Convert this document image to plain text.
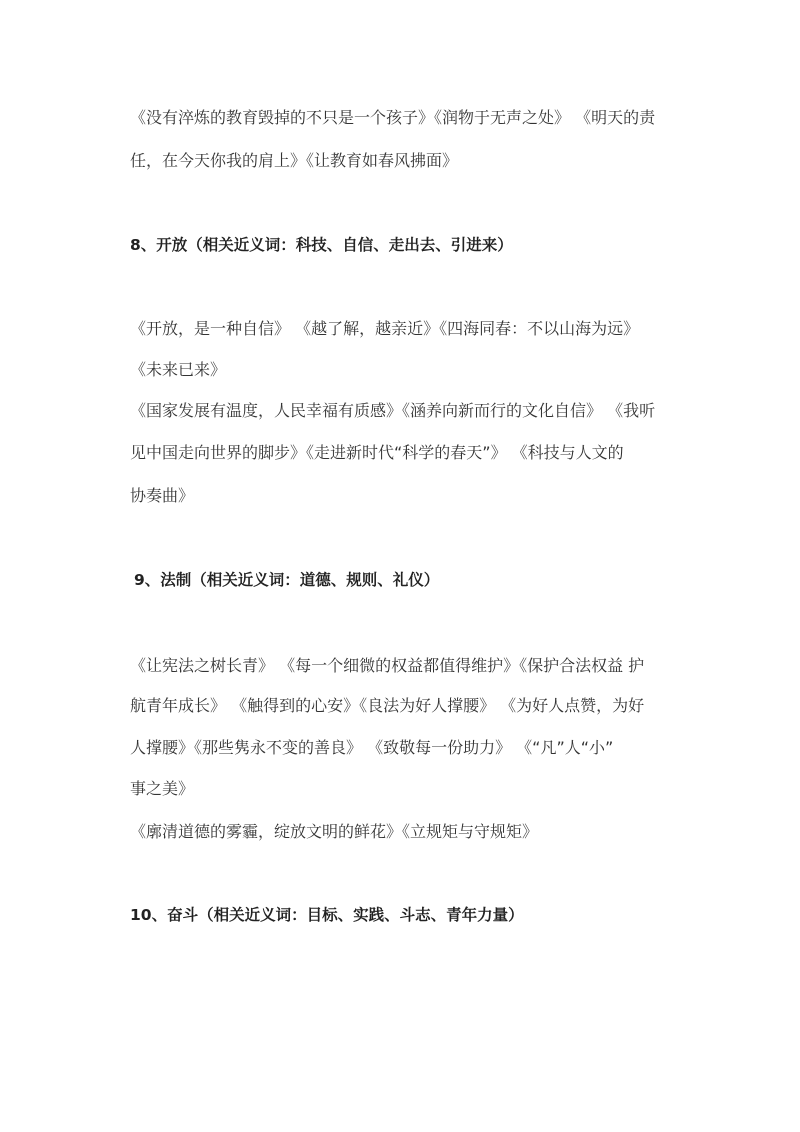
《没有淬炼的教育毁掉的不只是一个孩子》《润物于无声之处》 《明天的责
任，在今天你我的肩上》《让教育如春风拂面》
8、开放（相关近义词：科技、自信、走出去、引进来）
《开放，是一种自信》 《越了解，越亲近》《四海同春：不以山海为远》
《未来已来》
《国家发展有温度，人民幸福有质感》《涵养向新而行的文化自信》 《我听
见中国走向世界的脚步》《走进新时代“科学的春天”》 《科技与人文的
协奏曲》
9、法制（相关近义词：道德、规则、礼仪）
《让宪法之树长青》 《每一个细微的权益都值得维护》《保护合法权益 护
航青年成长》 《触得到的心安》《良法为好人撑腰》 《为好人点赞，为好
人撑腰》《那些隽永不变的善良》 《致敬每一份助力》 《“凡”人“小”
事之美》
《廓清道德的雾霾，绽放文明的鲜花》《立规矩与守规矩》
10、奋斗（相关近义词：目标、实践、斗志、青年力量）
